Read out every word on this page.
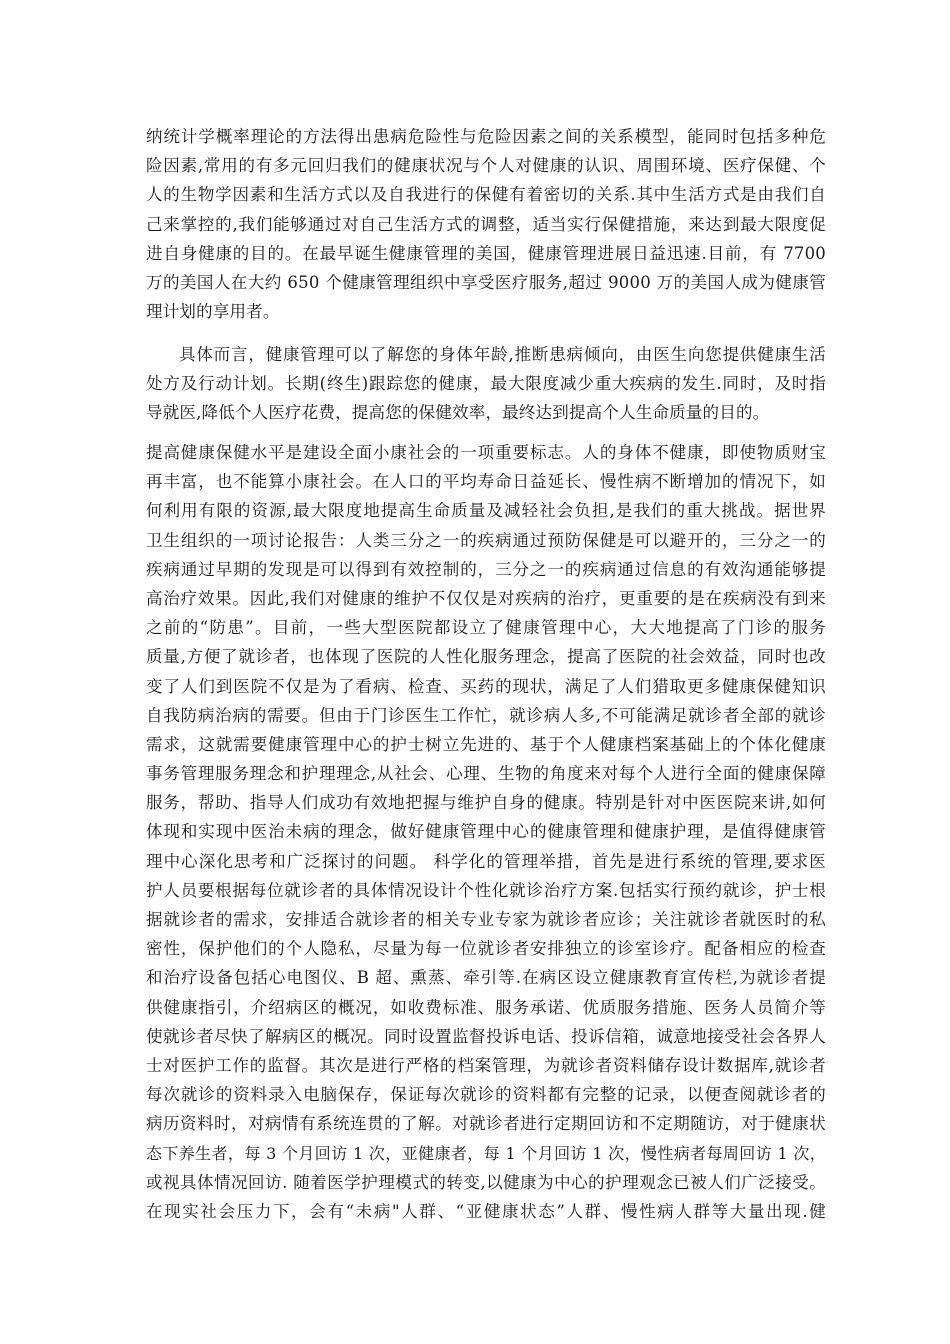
纳统计学概率理论的方法得出患病危险性与危险因素之间的关系模型，能同时包括多种危
险因素,常用的有多元回归我们的健康状况与个人对健康的认识、周围环境、医疗保健、个
人的生物学因素和生活方式以及自我进行的保健有着密切的关系.其中生活方式是由我们自
己来掌控的,我们能够通过对自己生活方式的调整，适当实行保健措施，来达到最大限度促
进自身健康的目的。在最早诞生健康管理的美国，健康管理进展日益迅速.目前，有 7700
万的美国人在大约 650 个健康管理组织中享受医疗服务,超过 9000 万的美国人成为健康管
理计划的享用者。
具体而言，健康管理可以了解您的身体年龄,推断患病倾向，由医生向您提供健康生活
处方及行动计划。长期(终生)跟踪您的健康，最大限度减少重大疾病的发生.同时，及时指
导就医,降低个人医疗花费，提高您的保健效率，最终达到提高个人生命质量的目的。
提高健康保健水平是建设全面小康社会的一项重要标志。人的身体不健康，即使物质财宝
再丰富，也不能算小康社会。在人口的平均寿命日益延长、慢性病不断增加的情况下，如
何利用有限的资源,最大限度地提高生命质量及减轻社会负担,是我们的重大挑战。据世界
卫生组织的一项讨论报告：人类三分之一的疾病通过预防保健是可以避开的，三分之一的
疾病通过早期的发现是可以得到有效控制的，三分之一的疾病通过信息的有效沟通能够提
高治疗效果。因此,我们对健康的维护不仅仅是对疾病的治疗，更重要的是在疾病没有到来
之前的“防患”。目前，一些大型医院都设立了健康管理中心，大大地提高了门诊的服务
质量,方便了就诊者，也体现了医院的人性化服务理念，提高了医院的社会效益，同时也改
变了人们到医院不仅是为了看病、检查、买药的现状，满足了人们猎取更多健康保健知识
自我防病治病的需要。但由于门诊医生工作忙，就诊病人多,不可能满足就诊者全部的就诊
需求，这就需要健康管理中心的护士树立先进的、基于个人健康档案基础上的个体化健康
事务管理服务理念和护理理念,从社会、心理、生物的角度来对每个人进行全面的健康保障
服务，帮助、指导人们成功有效地把握与维护自身的健康。特别是针对中医医院来讲,如何
体现和实现中医治未病的理念，做好健康管理中心的健康管理和健康护理，是值得健康管
理中心深化思考和广泛探讨的问题。 科学化的管理举措，首先是进行系统的管理,要求医
护人员要根据每位就诊者的具体情况设计个性化就诊治疗方案.包括实行预约就诊，护士根
据就诊者的需求，安排适合就诊者的相关专业专家为就诊者应诊；关注就诊者就医时的私
密性，保护他们的个人隐私，尽量为每一位就诊者安排独立的诊室诊疗。配备相应的检查
和治疗设备包括心电图仪、B 超、熏蒸、牵引等.在病区设立健康教育宣传栏,为就诊者提
供健康指引，介绍病区的概况，如收费标准、服务承诺、优质服务措施、医务人员简介等
使就诊者尽快了解病区的概况。同时设置监督投诉电话、投诉信箱，诚意地接受社会各界人
士对医护工作的监督。其次是进行严格的档案管理，为就诊者资料储存设计数据库,就诊者
每次就诊的资料录入电脑保存，保证每次就诊的资料都有完整的记录，以便查阅就诊者的
病历资料时，对病情有系统连贯的了解。对就诊者进行定期回访和不定期随访，对于健康状
态下养生者，每 3 个月回访 1 次，亚健康者，每 1 个月回访 1 次，慢性病者每周回访 1 次，
或视具体情况回访. 随着医学护理模式的转变,以健康为中心的护理观念已被人们广泛接受。
在现实社会压力下，会有“未病"人群、“亚健康状态”人群、慢性病人群等大量出现.健
